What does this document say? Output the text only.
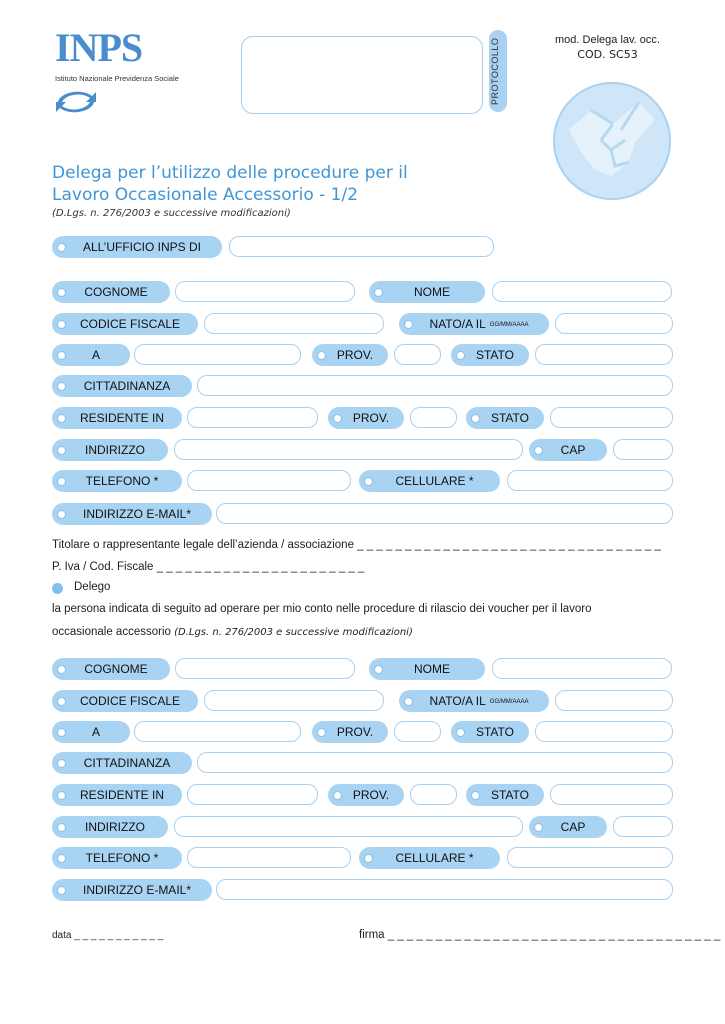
INPS
Istituto Nazionale Previdenza Sociale	PROTOCOLLO	mod. Delega lav. occ.
COD. SC53
Delega per l’utilizzo delle procedure per il
Lavoro Occasionale Accessorio - 1/2
(D.Lgs. n. 276/2003 e successive modificazioni)
ALL’UFFICIO INPS DI
COGNOME	NOME
CODICE FISCALE	NATO/A IL GG/MM/AAAA
A	PROV.	STATO
CITTADINANZA
RESIDENTE IN	PROV.	STATO
INDIRIZZO	CAP
TELEFONO *	CELLULARE *
INDIRIZZO E-MAIL*
Titolare o rappresentante legale dell’azienda / associazione _ _ _ _ _ _ _ _ _ _ _ _ _ _ _ _ _ _ _ _ _ _ _ _ _ _ _ _ _ _ _ _
P. Iva / Cod. Fiscale _ _ _ _ _ _ _ _ _ _ _ _ _ _ _ _ _ _ _ _ _ _
Delego
la persona indicata di seguito ad operare per mio conto nelle procedure di rilascio dei voucher per il lavoro
occasionale accessorio (D.Lgs. n. 276/2003 e successive modificazioni)
COGNOME	NOME
CODICE FISCALE	NATO/A IL GG/MM/AAAA
A	PROV.	STATO
CITTADINANZA
RESIDENTE IN	PROV.	STATO
INDIRIZZO	CAP
TELEFONO *	CELLULARE *
INDIRIZZO E-MAIL*
data _ _ _ _ _ _ _ _ _ _ _	firma _ _ _ _ _ _ _ _ _ _ _ _ _ _ _ _ _ _ _ _ _ _ _ _ _ _ _ _ _ _ _ _ _ _ _
